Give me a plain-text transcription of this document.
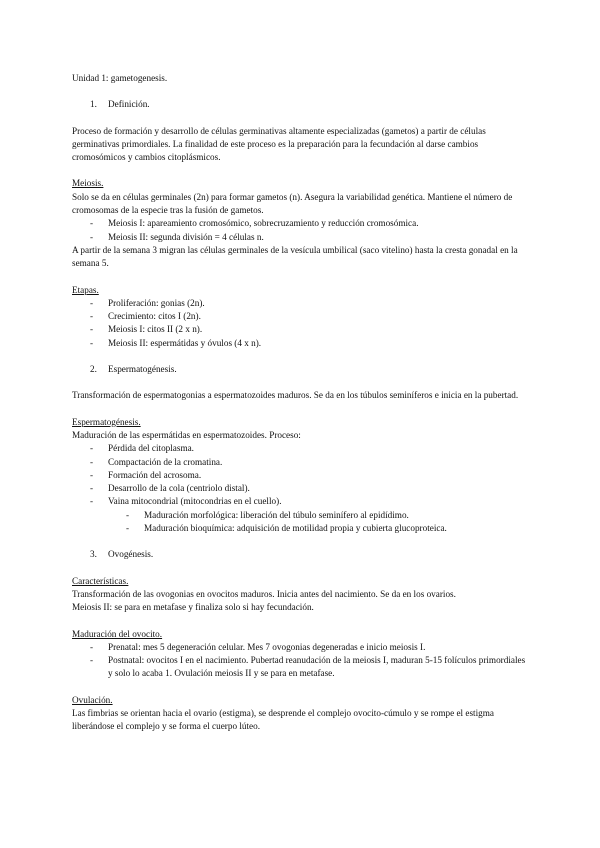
Unidad 1: gametogenesis.

1. Definición.

Proceso de formación y desarrollo de células germinativas altamente especializadas (gametos) a partir de células germinativas primordiales. La finalidad de este proceso es la preparación para la fecundación al darse cambios cromosómicos y cambios citoplásmicos.

Meiosis.

Solo se da en células germinales (2n) para formar gametos (n). Asegura la variabilidad genética. Mantiene el número de cromosomas de la especie tras la fusión de gametos.

- Meiosis I: apareamiento cromosómico, sobrecruzamiento y reducción cromosómica.
- Meiosis II: segunda división = 4 células n.

A partir de la semana 3 migran las células germinales de la vesícula umbilical (saco vitelino) hasta la cresta gonadal en la semana 5.

Etapas.

- Proliferación: gonias (2n).
- Crecimiento: citos I (2n).
- Meiosis I: citos II (2 x n).
- Meiosis II: espermátidas y óvulos (4 x n).

2. Espermatogénesis.

Transformación de espermatogonias a espermatozoides maduros. Se da en los túbulos seminíferos e inicia en la pubertad.

Espermatogénesis.

Maduración de las espermátidas en espermatozoides. Proceso:

- Pérdida del citoplasma.
- Compactación de la cromatina.
- Formación del acrosoma.
- Desarrollo de la cola (centriolo distal).
- Vaina mitocondrial (mitocondrias en el cuello).
- Maduración morfológica: liberación del túbulo seminífero al epidídimo.
- Maduración bioquímica: adquisición de motilidad propia y cubierta glucoproteica.

3. Ovogénesis.

Características.

Transformación de las ovogonias en ovocitos maduros. Inicia antes del nacimiento. Se da en los ovarios.

Meiosis II: se para en metafase y finaliza solo si hay fecundación.

Maduración del ovocito.

- Prenatal: mes 5 degeneración celular. Mes 7 ovogonias degeneradas e inicio meiosis I.
- Postnatal: ovocitos I en el nacimiento. Pubertad reanudación de la meiosis I, maduran 5-15 folículos primordiales y solo lo acaba 1. Ovulación meiosis II y se para en metafase.

Ovulación.

Las fimbrias se orientan hacia el ovario (estigma), se desprende el complejo ovocito-cúmulo y se rompe el estigma liberándose el complejo y se forma el cuerpo lúteo.
